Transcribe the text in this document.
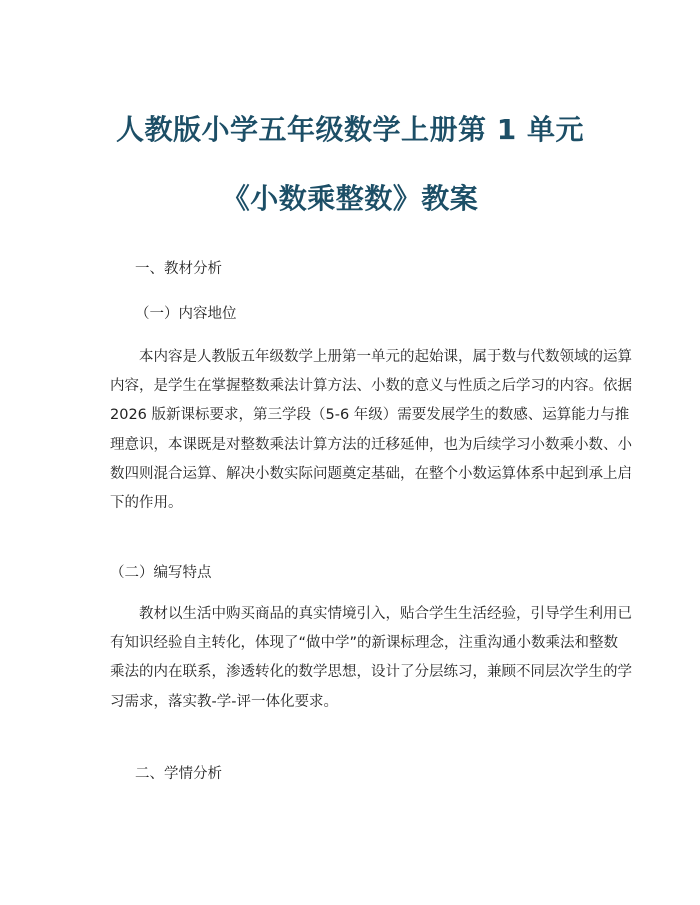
人教版小学五年级数学上册第 1 单元
《小数乘整数》教案
一、教材分析
（一）内容地位
本内容是人教版五年级数学上册第一单元的起始课，属于数与代数领域的运算
内容，是学生在掌握整数乘法计算方法、小数的意义与性质之后学习的内容。依据
2026 版新课标要求，第三学段（5-6 年级）需要发展学生的数感、运算能力与推
理意识，本课既是对整数乘法计算方法的迁移延伸，也为后续学习小数乘小数、小
数四则混合运算、解决小数实际问题奠定基础，在整个小数运算体系中起到承上启
下的作用。
（二）编写特点
教材以生活中购买商品的真实情境引入，贴合学生生活经验，引导学生利用已
有知识经验自主转化，体现了“做中学”的新课标理念，注重沟通小数乘法和整数
乘法的内在联系，渗透转化的数学思想，设计了分层练习，兼顾不同层次学生的学
习需求，落实教-学-评一体化要求。
二、学情分析
